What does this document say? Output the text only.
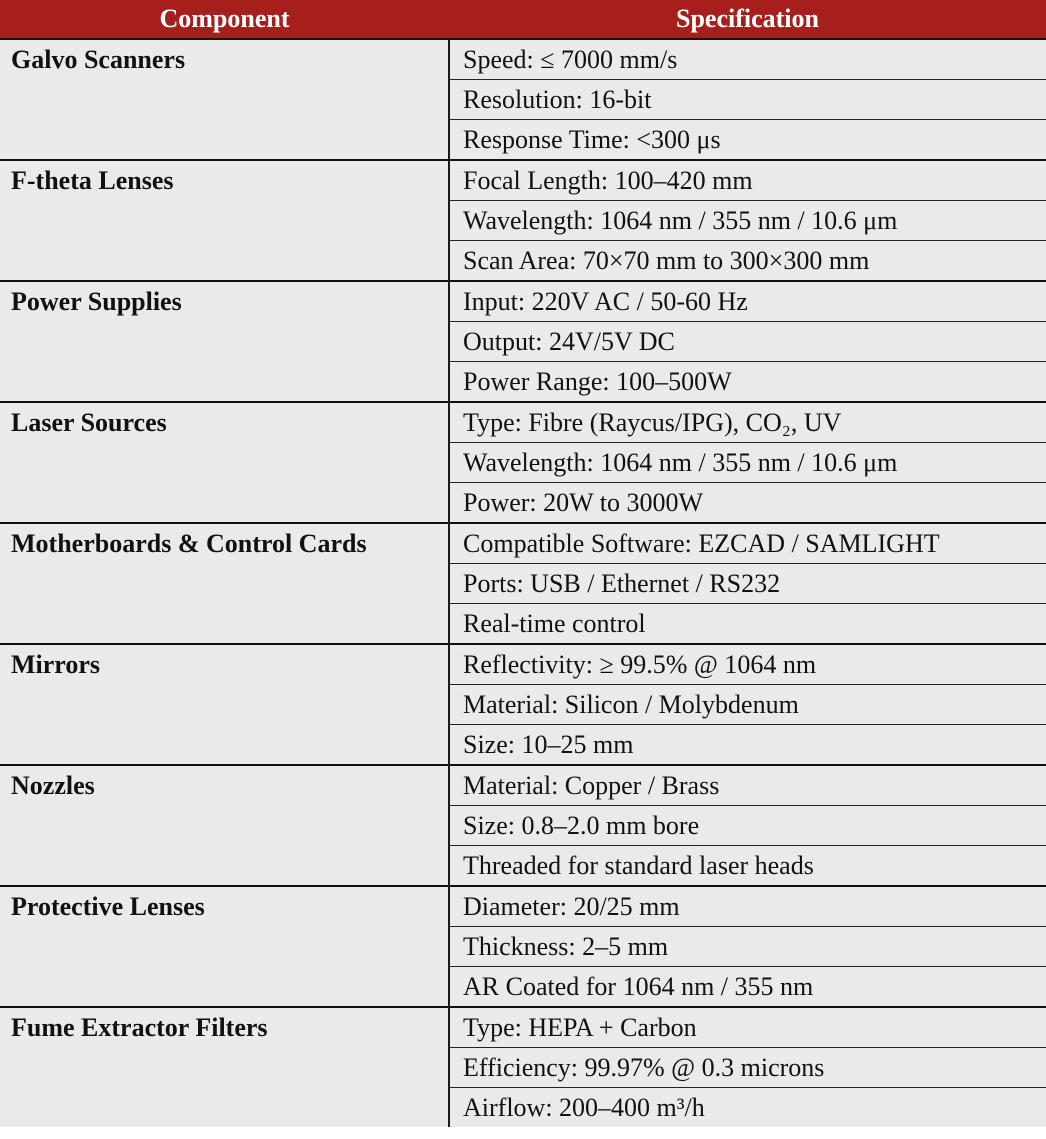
Component	Specification
Galvo Scanners	Speed: ≤ 7000 mm/s
	Resolution: 16-bit
	Response Time: <300 μs
F-theta Lenses	Focal Length: 100–420 mm
	Wavelength: 1064 nm / 355 nm / 10.6 μm
	Scan Area: 70×70 mm to 300×300 mm
Power Supplies	Input: 220V AC / 50-60 Hz
	Output: 24V/5V DC
	Power Range: 100–500W
Laser Sources	Type: Fibre (Raycus/IPG), CO₂, UV
	Wavelength: 1064 nm / 355 nm / 10.6 μm
	Power: 20W to 3000W
Motherboards & Control Cards	Compatible Software: EZCAD / SAMLIGHT
	Ports: USB / Ethernet / RS232
	Real-time control
Mirrors	Reflectivity: ≥ 99.5% @ 1064 nm
	Material: Silicon / Molybdenum
	Size: 10–25 mm
Nozzles	Material: Copper / Brass
	Size: 0.8–2.0 mm bore
	Threaded for standard laser heads
Protective Lenses	Diameter: 20/25 mm
	Thickness: 2–5 mm
	AR Coated for 1064 nm / 355 nm
Fume Extractor Filters	Type: HEPA + Carbon
	Efficiency: 99.97% @ 0.3 microns
	Airflow: 200–400 m³/h
